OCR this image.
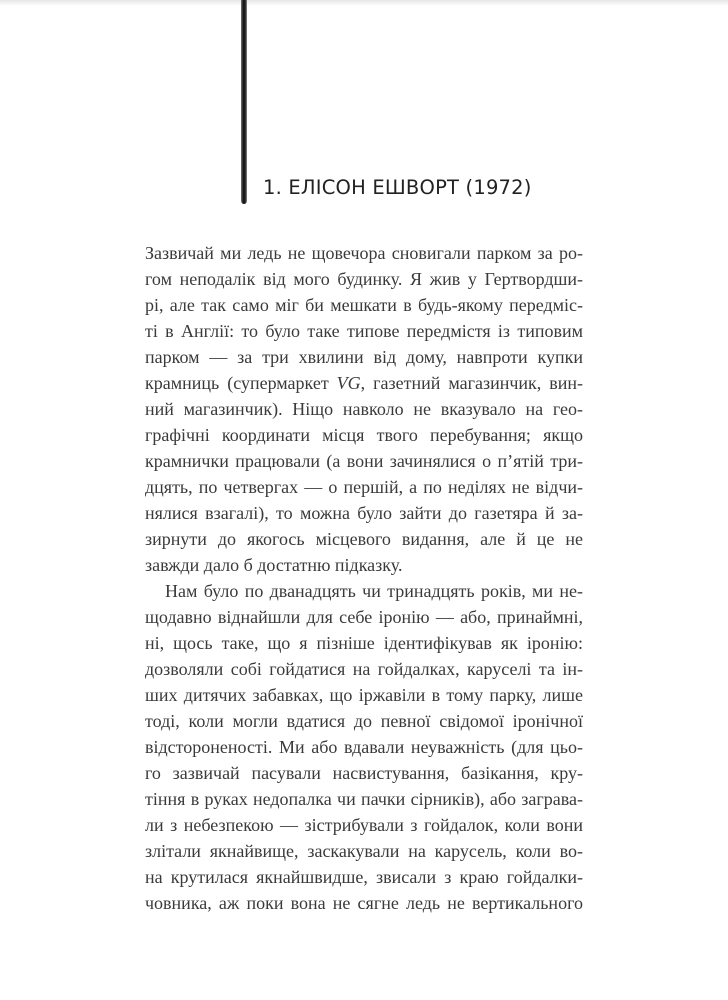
1. ЕЛІСОН ЕШВОРТ (1972)
Зазвичай ми ледь не щовечора сновигали парком за ро-
гом неподалік від мого будинку. Я жив у Гертвордши-
рі, але так само міг би мешкати в будь-якому передміс-
ті в Англії: то було таке типове передмістя із типовим
парком — за три хвилини від дому, навпроти купки
крамниць (супермаркет VG, газетний магазинчик, вин-
ний магазинчик). Ніщо навколо не вказувало на гео-
графічні координати місця твого перебування; якщо
крамнички працювали (а вони зачинялися о п’ятій три-
дцять, по четвергах — о першій, а по неділях не відчи-
нялися взагалі), то можна було зайти до газетяра й за-
зирнути до якогось місцевого видання, але й це не
завжди дало б достатню підказку.
Нам було по дванадцять чи тринадцять років, ми не-
щодавно віднайшли для себе іронію — або, принаймні,
ні, щось таке, що я пізніше ідентифікував як іронію:
дозволяли собі гойдатися на гойдалках, каруселі та ін-
ших дитячих забавках, що іржавіли в тому парку, лише
тоді, коли могли вдатися до певної свідомої іронічної
відстороненості. Ми або вдавали неуважність (для цьо-
го зазвичай пасували насвистування, базікання, кру-
тіння в руках недопалка чи пачки сірників), або заграва-
ли з небезпекою — зістрибували з гойдалок, коли вони
злітали якнайвище, заскакували на карусель, коли во-
на крутилася якнайшвидше, звисали з краю гойдалки-
човника, аж поки вона не сягне ледь не вертикального
